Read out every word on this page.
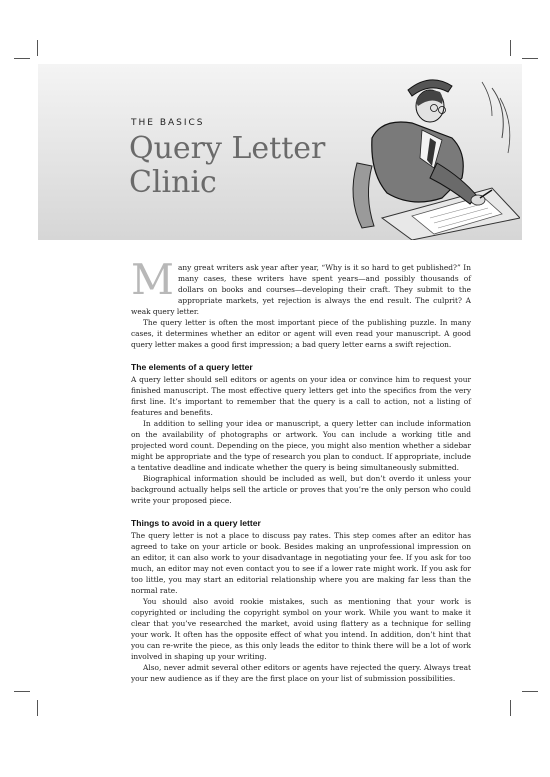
THE BASICS

Query Letter Clinic
M any great writers ask year after year, “Why is it so hard to get published?” In many cases, these writers have spent years—and possibly thousands of dollars on books and courses—developing their craft. They submit to the appropriate markets, yet rejection is always the end result. The culprit? A weak query letter.

The query letter is often the most important piece of the publishing puzzle. In many cases, it determines whether an editor or agent will even read your manuscript. A good query letter makes a good first impression; a bad query letter earns a swift rejection.

The elements of a query letter

A query letter should sell editors or agents on your idea or convince him to request your finished manuscript. The most effective query letters get into the specifics from the very first line. It’s important to remember that the query is a call to action, not a listing of features and benefits.

In addition to selling your idea or manuscript, a query letter can include information on the availability of photographs or artwork. You can include a working title and projected word count. Depending on the piece, you might also mention whether a sidebar might be appropriate and the type of research you plan to conduct. If appropriate, include a tentative deadline and indicate whether the query is being simultaneously submitted.

Biographical information should be included as well, but don’t overdo it unless your background actually helps sell the article or proves that you’re the only person who could write your proposed piece.

Things to avoid in a query letter

The query letter is not a place to discuss pay rates. This step comes after an editor has agreed to take on your article or book. Besides making an unprofessional impression on an editor, it can also work to your disadvantage in negotiating your fee. If you ask for too much, an editor may not even contact you to see if a lower rate might work. If you ask for too little, you may start an editorial relationship where you are making far less than the normal rate.

You should also avoid rookie mistakes, such as mentioning that your work is copyrighted or including the copyright symbol on your work. While you want to make it clear that you’ve researched the market, avoid using flattery as a technique for selling your work. It often has the opposite effect of what you intend. In addition, don’t hint that you can re-write the piece, as this only leads the editor to think there will be a lot of work involved in shaping up your writing.

Also, never admit several other editors or agents have rejected the query. Always treat your new audience as if they are the first place on your list of submission possibilities.
